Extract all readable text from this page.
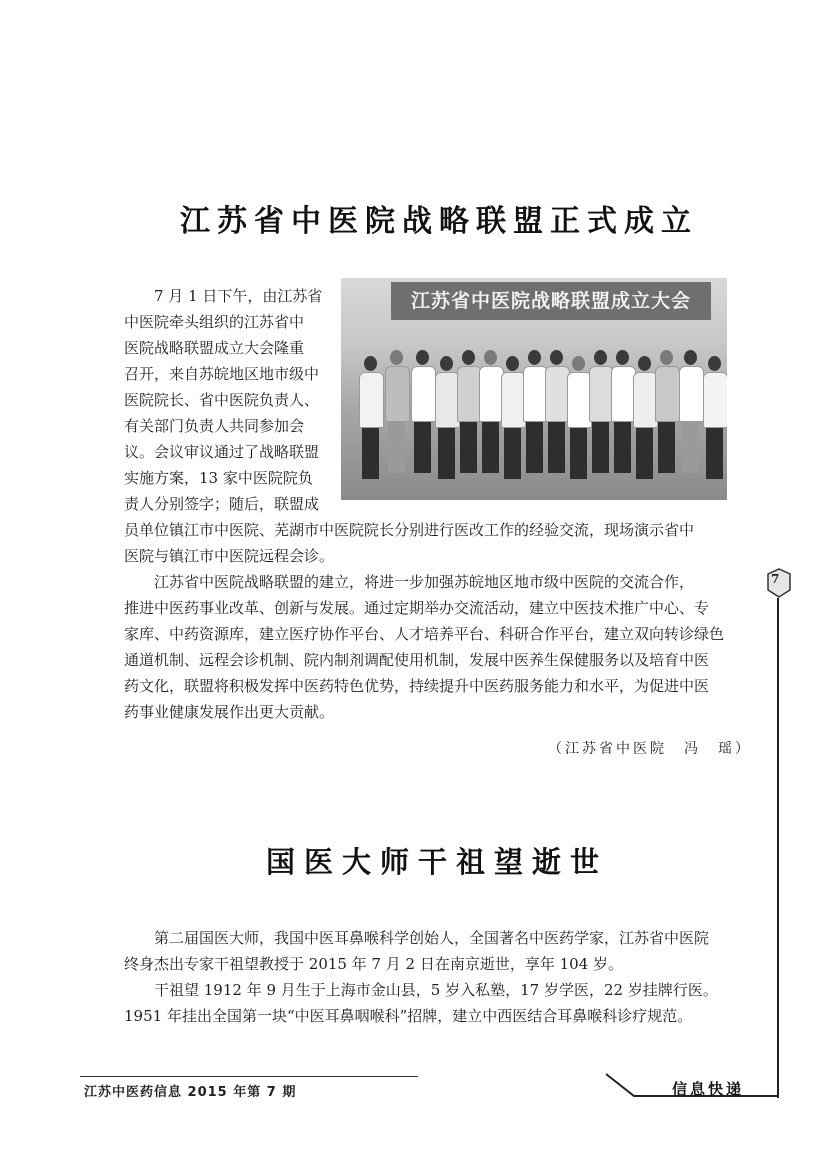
江苏省中医院战略联盟正式成立
7 月 1 日下午，由江苏省
中医院牵头组织的江苏省中
医院战略联盟成立大会隆重
召开，来自苏皖地区地市级中
医院院长、省中医院负责人、
有关部门负责人共同参加会
议。会议审议通过了战略联盟
实施方案，13 家中医院院负
责人分别签字；随后，联盟成
江苏省中医院战略联盟成立大会
员单位镇江市中医院、芜湖市中医院院长分别进行医改工作的经验交流，现场演示省中
医院与镇江市中医院远程会诊。
江苏省中医院战略联盟的建立，将进一步加强苏皖地区地市级中医院的交流合作，
推进中医药事业改革、创新与发展。通过定期举办交流活动，建立中医技术推广中心、专
家库、中药资源库，建立医疗协作平台、人才培养平台、科研合作平台，建立双向转诊绿色
通道机制、远程会诊机制、院内制剂调配使用机制，发展中医养生保健服务以及培育中医
药文化，联盟将积极发挥中医药特色优势，持续提升中医药服务能力和水平，为促进中医
药事业健康发展作出更大贡献。
（江苏省中医院　冯　瑶）
国医大师干祖望逝世
第二届国医大师，我国中医耳鼻喉科学创始人，全国著名中医药学家，江苏省中医院
终身杰出专家干祖望教授于 2015 年 7 月 2 日在南京逝世，享年 104 岁。
干祖望 1912 年 9 月生于上海市金山县，5 岁入私塾，17 岁学医，22 岁挂牌行医。
1951 年挂出全国第一块“中医耳鼻咽喉科”招牌，建立中西医结合耳鼻喉科诊疗规范。
7
江苏中医药信息 2015 年第 7 期	信息快递
